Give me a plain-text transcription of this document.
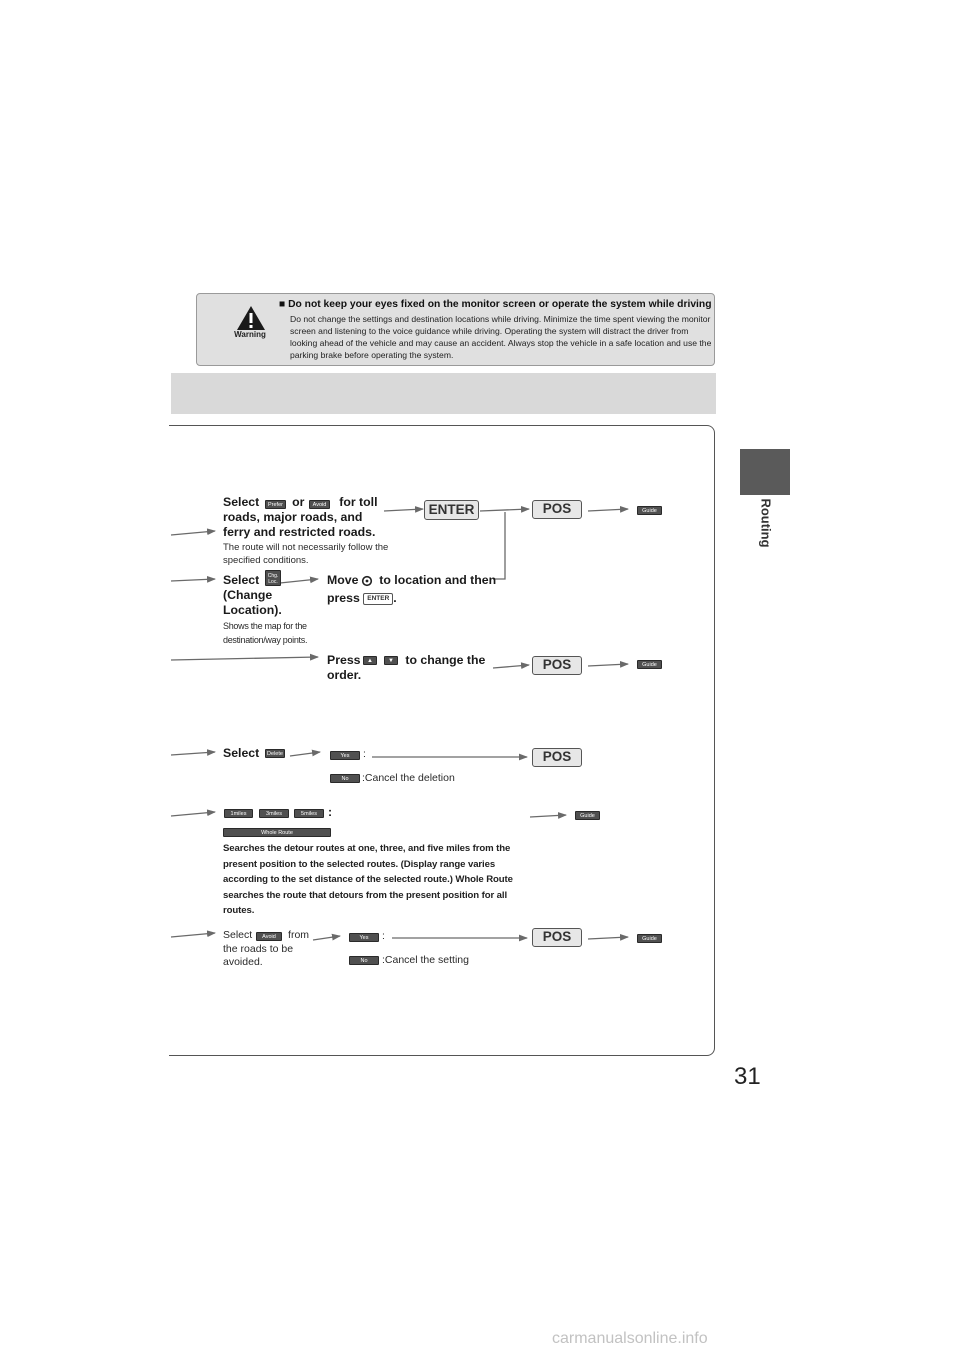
Warning
■ Do not keep your eyes fixed on the monitor screen or operate the system while driving
Do not change the settings and destination locations while driving. Minimize the time spent viewing the monitor screen and listening to the voice guidance while driving. Operating the system will distract the driver from looking ahead of the vehicle and may cause an accident. Always stop the vehicle in a safe location and use the parking brake before operating the system.
Routing
31
carmanualsonline.info
Select	or	for toll roads, major roads, and ferry and restricted roads.
Prefer	Avoid
The route will not necessarily follow the specified conditions.
ENTER	POS	Guide
Select	Chg. Loc.
(Change Location).
Shows the map for the destination/way points.
Move to location and then
press ENTER .
Press	to change the order.
▲	▼	POS	Guide
Select	Delete	Yes	:
No	:Cancel the deletion
POS
1miles	3miles	5miles :
Whole Route
Searches the detour routes at one, three, and five miles from the present position to the selected routes. (Display range varies according to the set distance of the selected route.) Whole Route searches the route that detours from the present position for all routes.
Guide
Select	from the roads to be avoided.
Avoid	Yes	:
No	:Cancel the setting
POS	Guide
